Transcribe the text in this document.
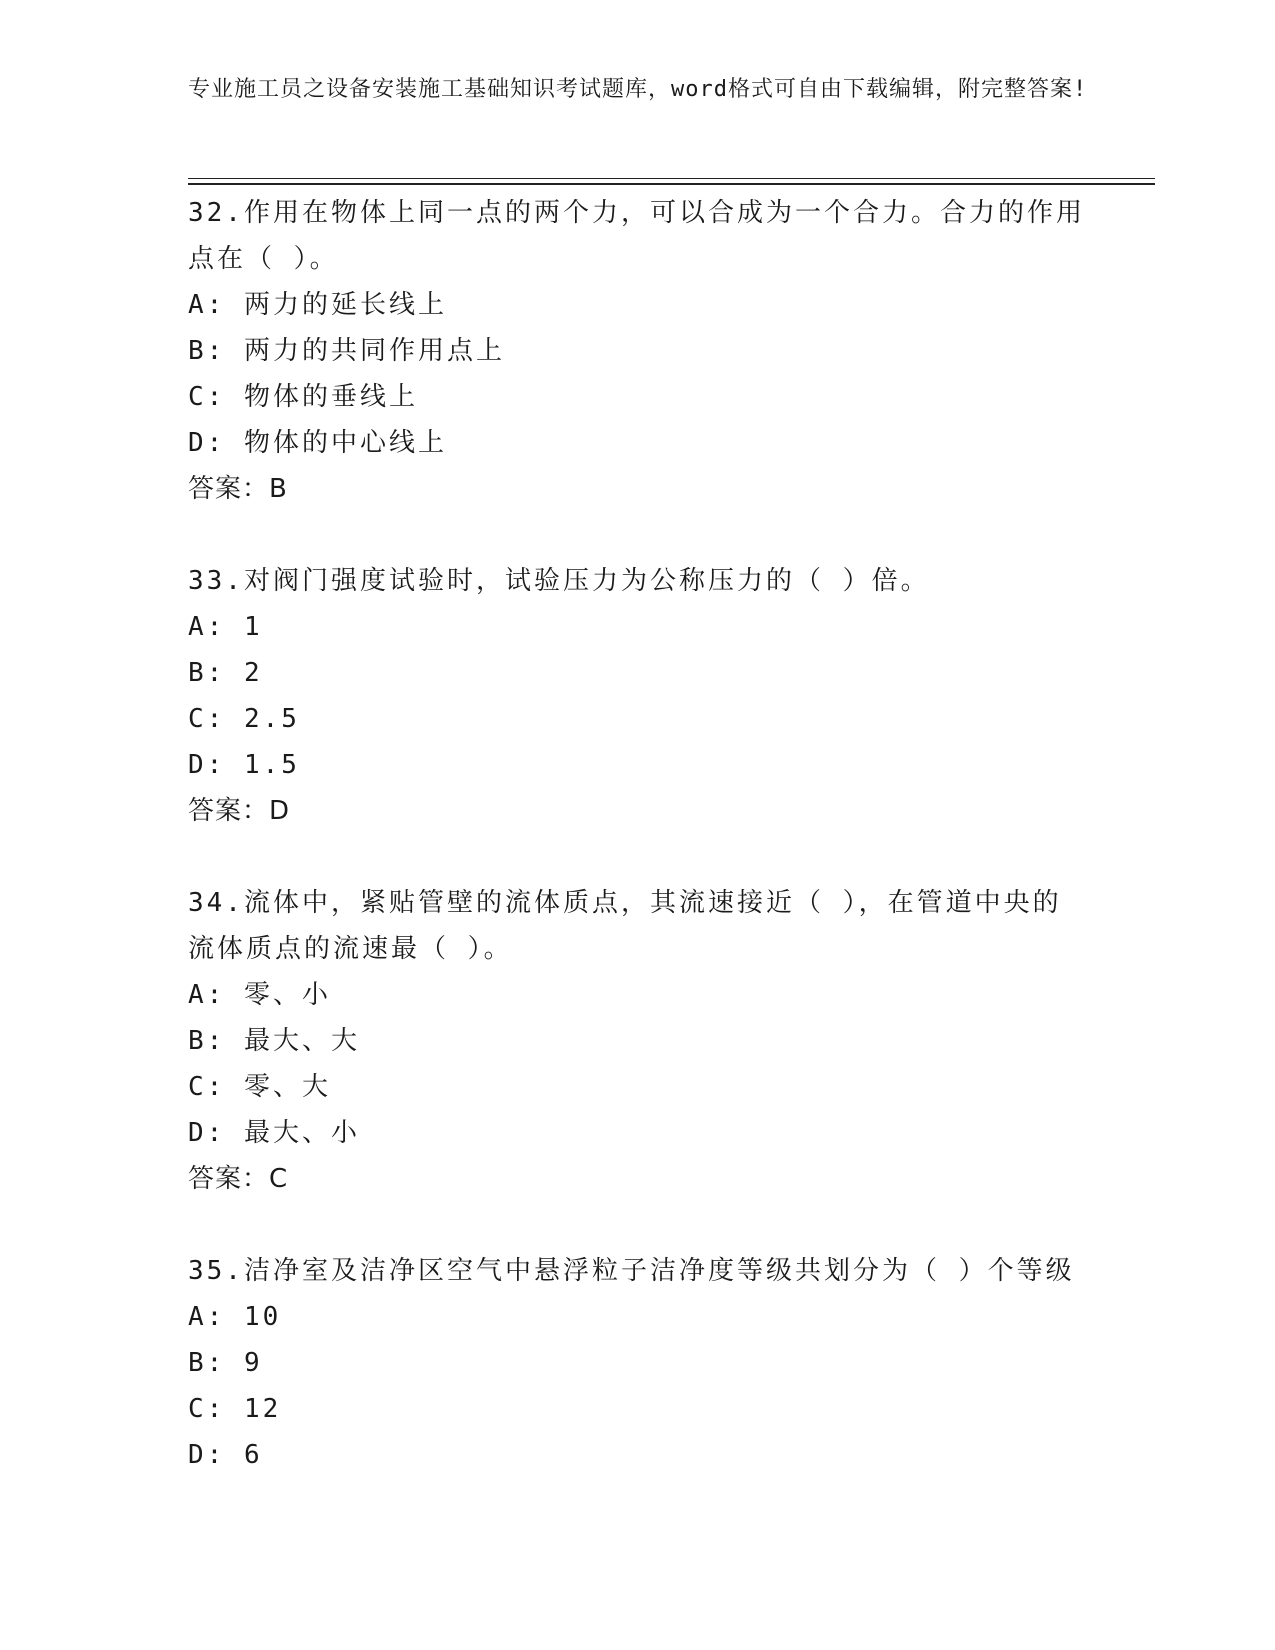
专业施工员之设备安装施工基础知识考试题库，word格式可自由下载编辑，附完整答案!
32.作用在物体上同一点的两个力，可以合成为一个合力。合力的作用点在（ ）。
A: 两力的延长线上
B: 两力的共同作用点上
C: 物体的垂线上
D: 物体的中心线上
答案：B
33.对阀门强度试验时，试验压力为公称压力的（ ）倍。
A: 1
B: 2
C: 2.5
D: 1.5
答案：D
34.流体中，紧贴管壁的流体质点，其流速接近（ ），在管道中央的流体质点的流速最（ ）。
A: 零、小
B: 最大、大
C: 零、大
D: 最大、小
答案：C
35.洁净室及洁净区空气中悬浮粒子洁净度等级共划分为（ ）个等级
A: 10
B: 9
C: 12
D: 6
